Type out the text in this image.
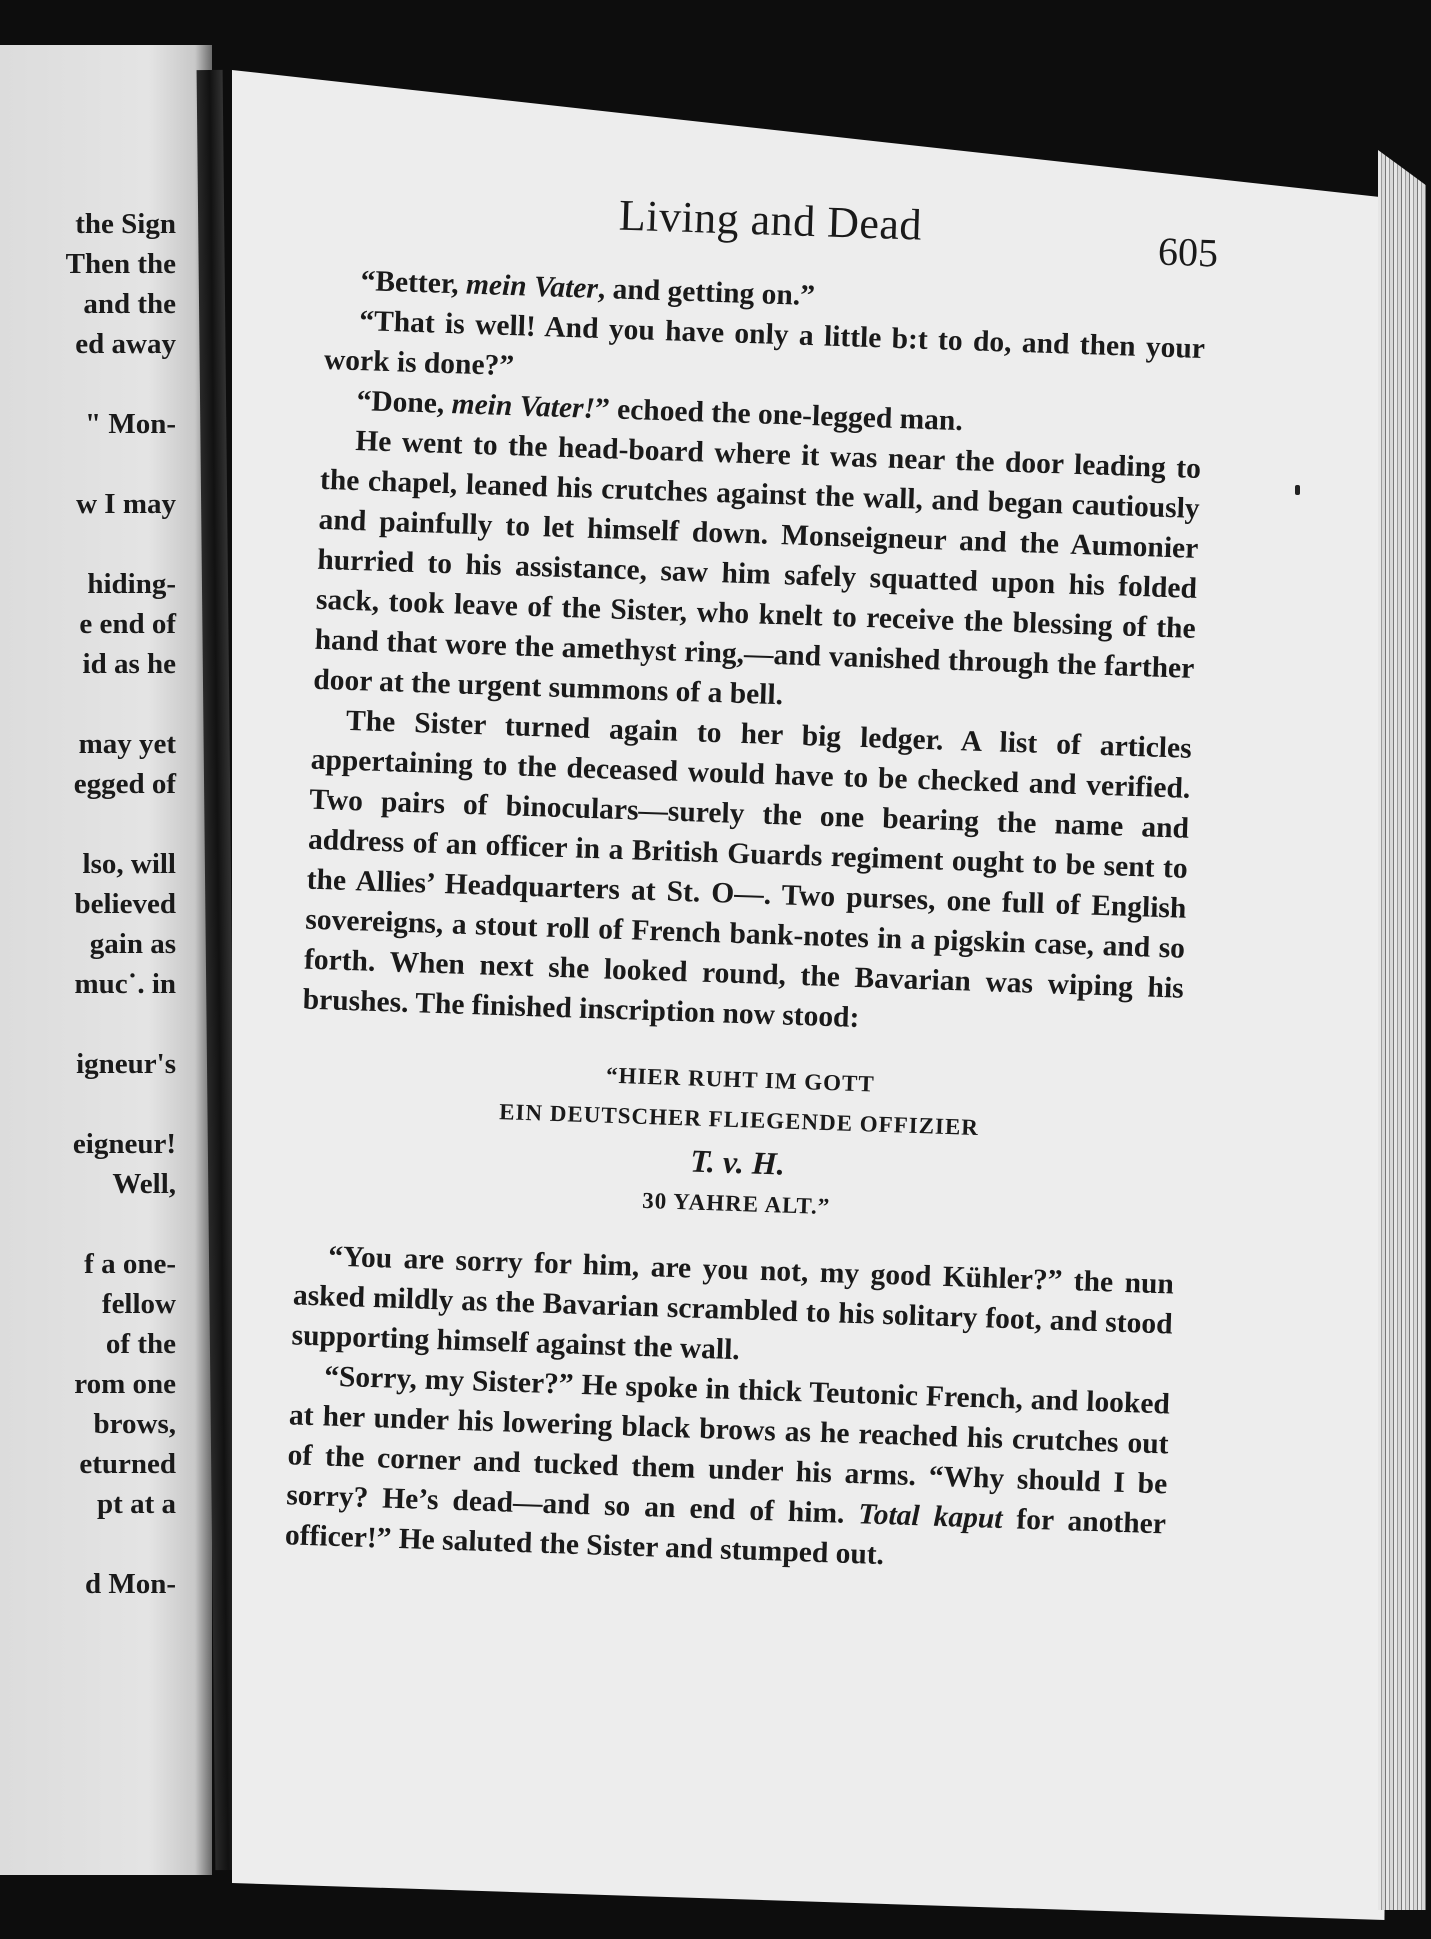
the Sign
Then the
and the
ed away
" Mon-
w I may
hiding-
e end of
id as he
may yet
egged of
lso, will
believed
gain as
muc˙. in
igneur's
eigneur!
Well,
f a one-
fellow
of the
rom one
brows,
eturned
pt at a
d Mon-
Living and Dead
605

“Better, mein Vater, and getting on.”

“That is well! And you have only a little b:t to do, and then your work is done?”

“Done, mein Vater!” echoed the one-legged man.

He went to the head-board where it was near the door leading to the chapel, leaned his crutches against the wall, and began cautiously and painfully to let himself down. Monseigneur and the Aumonier hurried to his assistance, saw him safely squatted upon his folded sack, took leave of the Sister, who knelt to receive the blessing of the hand that wore the amethyst ring,—and vanished through the farther door at the urgent summons of a bell.

The Sister turned again to her big ledger. A list of articles appertaining to the deceased would have to be checked and verified. Two pairs of binoculars—surely the one bearing the name and address of an officer in a British Guards regiment ought to be sent to the Allies’ Headquarters at St. O—. Two purses, one full of English sovereigns, a stout roll of French bank-notes in a pigskin case, and so forth. When next she looked round, the Bavarian was wiping his brushes. The finished inscription now stood:

“HIER RUHT IM GOTT
EIN DEUTSCHER FLIEGENDE OFFIZIER
T. v. H.
30 YAHRE ALT.”

“You are sorry for him, are you not, my good Kühler?” the nun asked mildly as the Bavarian scrambled to his solitary foot, and stood supporting himself against the wall.

“Sorry, my Sister?” He spoke in thick Teutonic French, and looked at her under his lowering black brows as he reached his crutches out of the corner and tucked them under his arms. “Why should I be sorry? He’s dead—and so an end of him. Total kaput for another officer!” He saluted the Sister and stumped out.
